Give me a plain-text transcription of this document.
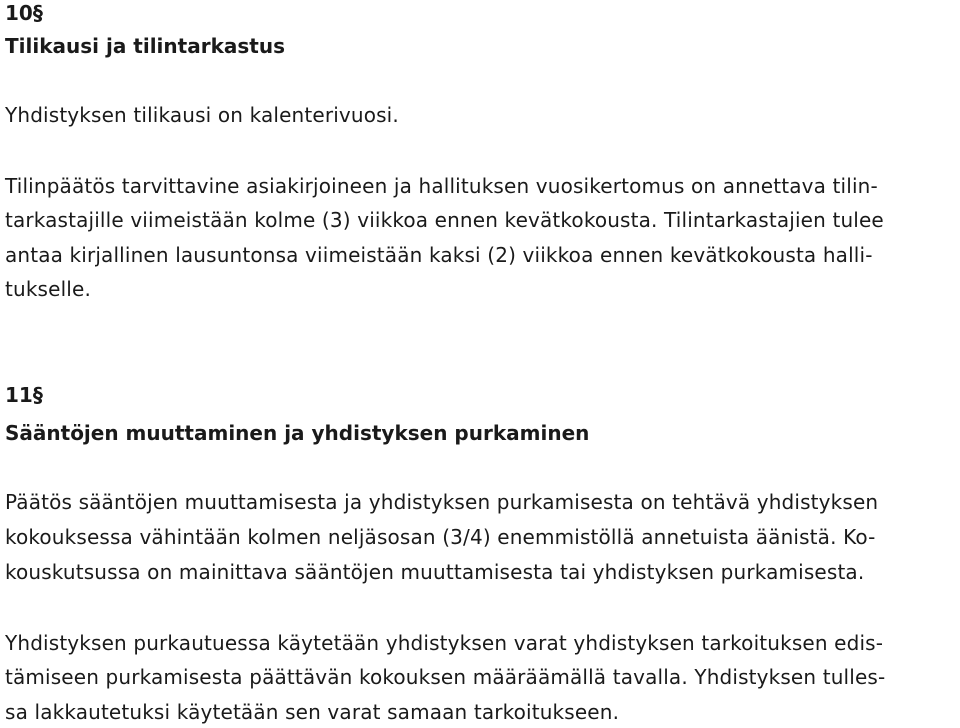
10§
Tilikausi ja tilintarkastus
Yhdistyksen tilikausi on kalenterivuosi.
Tilinpäätös tarvittavine asiakirjoineen ja hallituksen vuosikertomus on annettava tilin-
tarkastajille viimeistään kolme (3) viikkoa ennen kevätkokousta. Tilintarkastajien tulee
antaa kirjallinen lausuntonsa viimeistään kaksi (2) viikkoa ennen kevätkokousta halli-
tukselle.
11§
Sääntöjen muuttaminen ja yhdistyksen purkaminen
Päätös sääntöjen muuttamisesta ja yhdistyksen purkamisesta on tehtävä yhdistyksen
kokouksessa vähintään kolmen neljäsosan (3/4) enemmistöllä annetuista äänistä. Ko-
kouskutsussa on mainittava sääntöjen muuttamisesta tai yhdistyksen purkamisesta.
Yhdistyksen purkautuessa käytetään yhdistyksen varat yhdistyksen tarkoituksen edis-
tämiseen purkamisesta päättävän kokouksen määräämällä tavalla. Yhdistyksen tulles-
sa lakkautetuksi käytetään sen varat samaan tarkoitukseen.
